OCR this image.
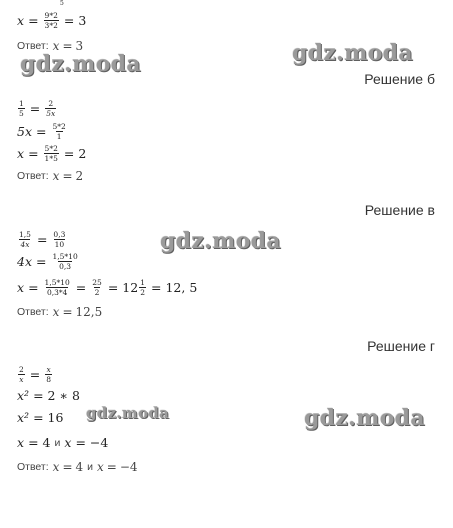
5
$x = \frac{9*2}{3*2} = 3$
Ответ: x = 3
gdz.moda	gdz.moda
Решение б
$\frac{1}{5} = \frac{2}{5x}$
$5x = \frac{5*2}{1}$
$x = \frac{5*2}{1*5} = 2$
Ответ: x = 2
Решение в
$\frac{1,5}{4x} = \frac{0,3}{10}$	gdz.moda
$4x = \frac{1,5*10}{0,3}$
$x = \frac{1,5*10}{0,3*4} = \frac{25}{2} = 12 \frac{1}{2} = 12$, 5
Ответ: x = 12,5
Решение г
$\frac{2}{x} = \frac{x}{8}$
x² = 2 ∗ 8
x² = 16 gdz.moda	gdz.moda
x = 4 и x = −4
Ответ: x = 4 и x = −4
